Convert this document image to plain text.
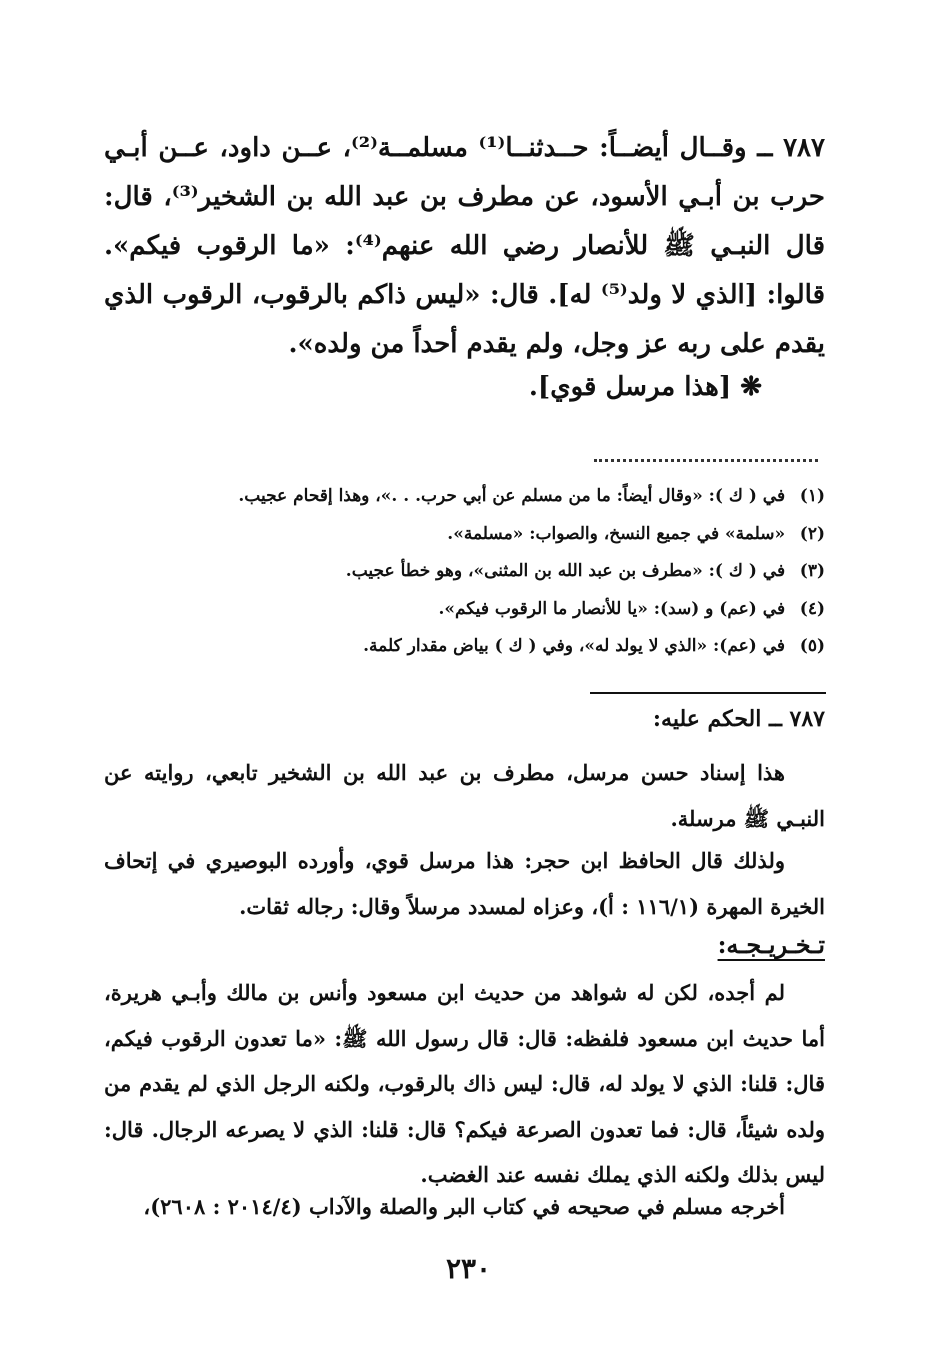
٧٨٧ ــ وقــال أيضــاً: حــدثنــا⁽¹⁾ مسلمــة⁽²⁾، عــن داود، عــن أبـي حرب بن أبـي الأسود، عن مطرف بن عبد الله بن الشخير⁽³⁾، قال: قال النبـي ﷺ للأنصار رضي الله عنهم⁽⁴⁾: «ما الرقوب فيكم». قالوا: [الذي لا ولد⁽⁵⁾ له]. قال: «ليس ذاكم بالرقوب، الرقوب الذي يقدم على ربه عز وجل، ولم يقدم أحداً من ولده».

❋ [هذا مرسل قوي].
(١) في ( ك ): «وقال أيضاً: ما من مسلم عن أبي حرب. . .»، وهذا إقحام عجيب.
(٢) «سلمة» في جميع النسخ، والصواب: «مسلمة».
(٣) في ( ك ): «مطرف بن عبد الله بن المثنى»، وهو خطأ عجيب.
(٤) في (عم) و (سد): «يا للأنصار ما الرقوب فيكم».
(٥) في (عم): «الذي لا يولد له»، وفي ( ك ) بياض مقدار كلمة.
٧٨٧ ــ الحكم عليه:
هذا إسناد حسن مرسل، مطرف بن عبد الله بن الشخير تابعي، روايته عن النبـي ﷺ مرسلة.
ولذلك قال الحافظ ابن حجر: هذا مرسل قوي، وأورده البوصيري في إتحاف الخيرة المهرة (١١٦/١ : أ)، وعزاه لمسدد مرسلاً وقال: رجاله ثقات.
تـخـريـجـه:
لم أجده، لكن له شواهد من حديث ابن مسعود وأنس بن مالك وأبـي هريرة، أما حديث ابن مسعود فلفظه: قال: قال رسول الله ﷺ: «ما تعدون الرقوب فيكم، قال: قلنا: الذي لا يولد له، قال: ليس ذاك بالرقوب، ولكنه الرجل الذي لم يقدم من ولده شيئاً، قال: فما تعدون الصرعة فيكم؟ قال: قلنا: الذي لا يصرعه الرجال. قال: ليس بذلك ولكنه الذي يملك نفسه عند الغضب.
أخرجه مسلم في صحيحه في كتاب البر والصلة والآداب (٢٠١٤/٤ : ٢٦٠٨)،
٢٣٠
